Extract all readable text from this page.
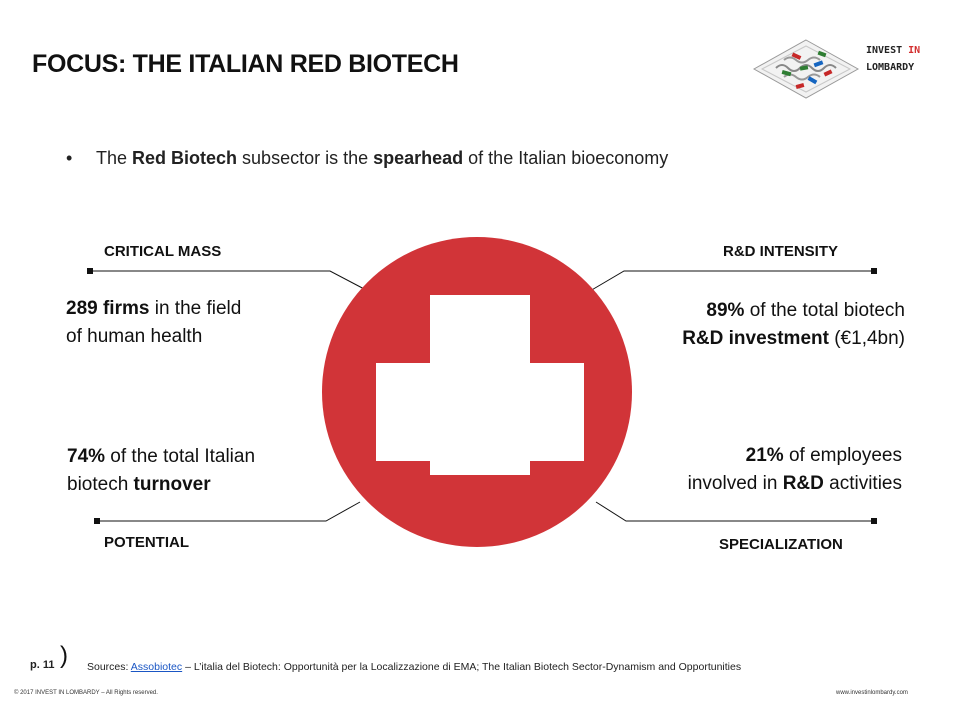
FOCUS: THE ITALIAN RED BIOTECH	INVEST IN
LOMBARDY
• The Red Biotech subsector is the spearhead of the Italian bioeconomy
CRITICAL MASS
289 firms in the field
of human health
R&D INTENSITY
89% of the total biotech
R&D investment (€1,4bn)
74% of the total Italian
biotech turnover
POTENTIAL
21% of employees
involved in R&D activities
SPECIALIZATION
p. 11 ) Sources: Assobiotec – L’italia del Biotech: Opportunità per la Localizzazione di EMA; The Italian Biotech Sector-Dynamism and Opportunities
© 2017 INVEST IN LOMBARDY – All Rights reserved.	www.investinlombardy.com
